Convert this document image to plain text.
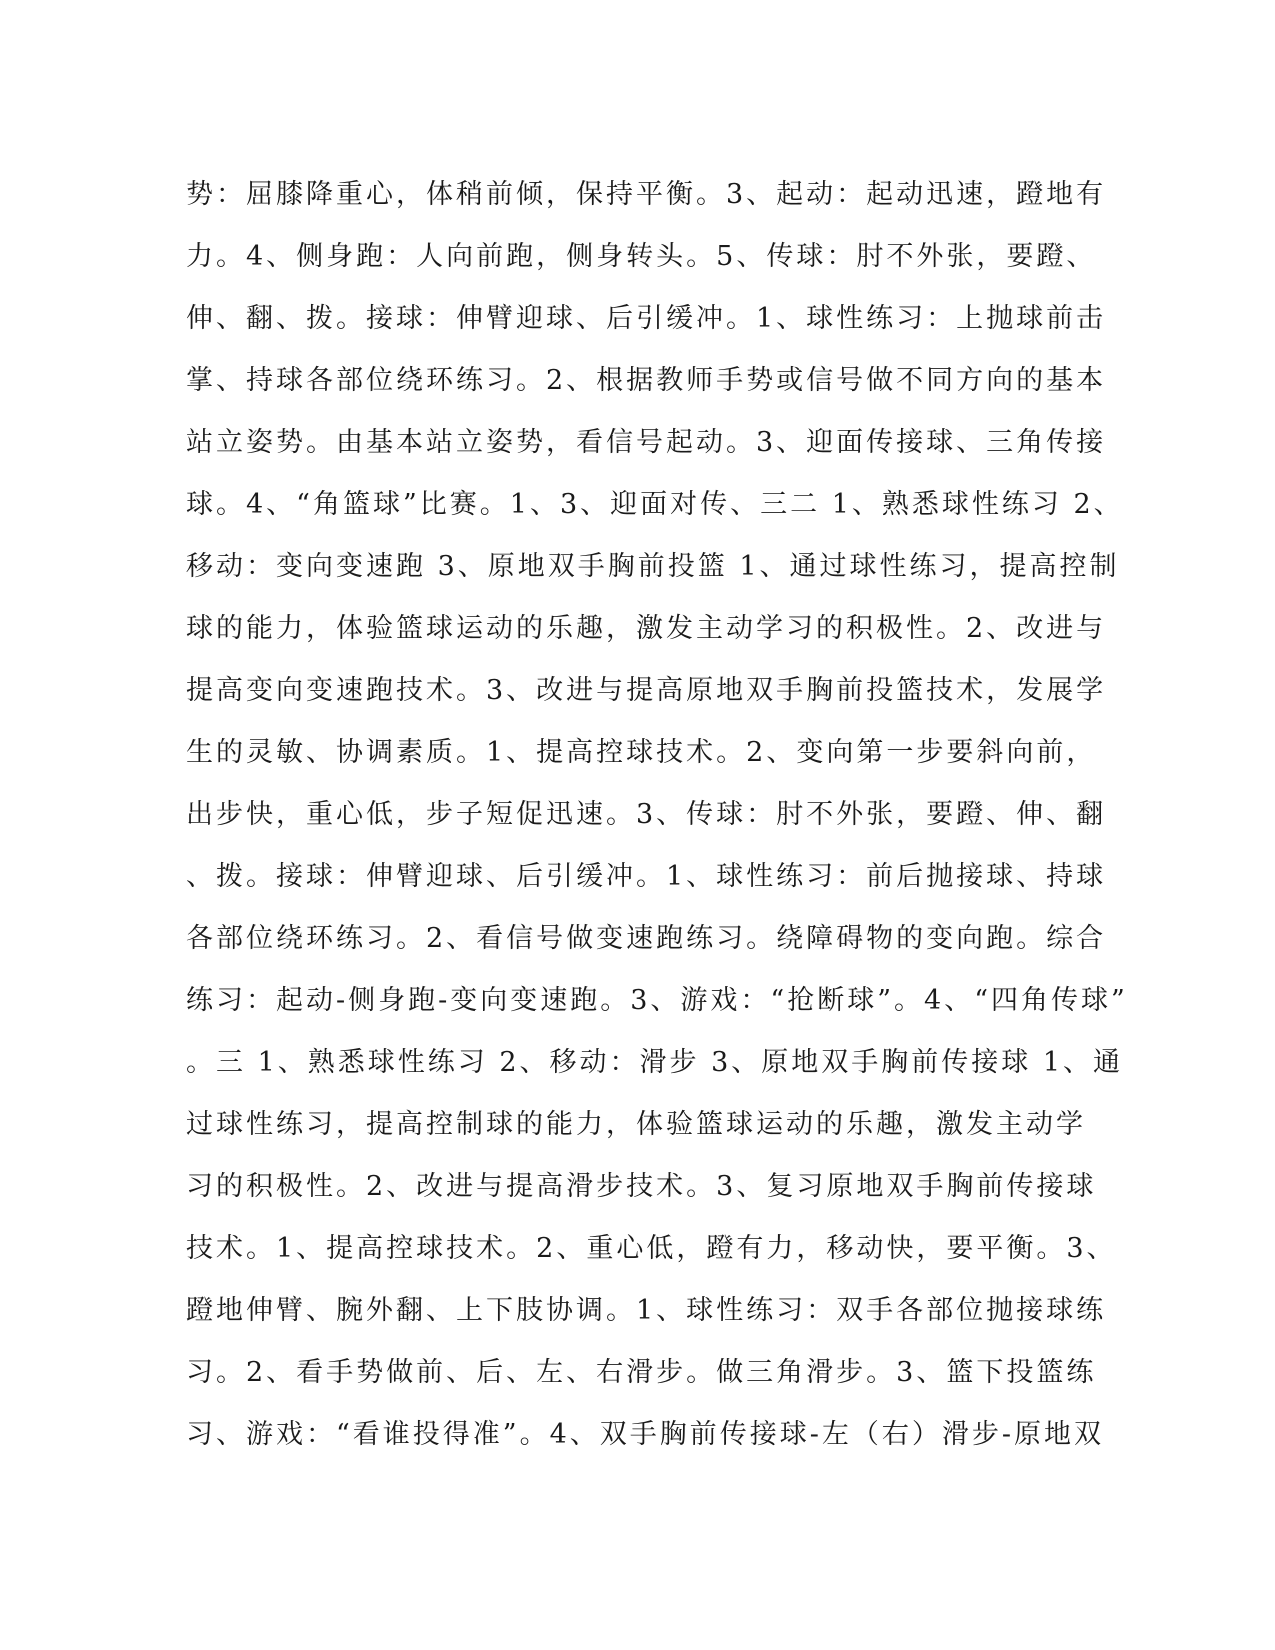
势：屈膝降重心，体稍前倾，保持平衡。3、起动：起动迅速，蹬地有
力。4、侧身跑：人向前跑，侧身转头。5、传球：肘不外张，要蹬、
伸、翻、拨。接球：伸臂迎球、后引缓冲。1、球性练习：上抛球前击
掌、持球各部位绕环练习。2、根据教师手势或信号做不同方向的基本
站立姿势。由基本站立姿势，看信号起动。3、迎面传接球、三角传接
球。4、“角篮球”比赛。1、3、迎面对传、三二 1、熟悉球性练习 2、
移动：变向变速跑 3、原地双手胸前投篮 1、通过球性练习，提高控制
球的能力，体验篮球运动的乐趣，激发主动学习的积极性。2、改进与
提高变向变速跑技术。3、改进与提高原地双手胸前投篮技术，发展学
生的灵敏、协调素质。1、提高控球技术。2、变向第一步要斜向前，
出步快，重心低，步子短促迅速。3、传球：肘不外张，要蹬、伸、翻
、拨。接球：伸臂迎球、后引缓冲。1、球性练习：前后抛接球、持球
各部位绕环练习。2、看信号做变速跑练习。绕障碍物的变向跑。综合
练习：起动-侧身跑-变向变速跑。3、游戏：“抢断球”。4、“四角传球”
。三 1、熟悉球性练习 2、移动：滑步 3、原地双手胸前传接球 1、通
过球性练习，提高控制球的能力，体验篮球运动的乐趣，激发主动学
习的积极性。2、改进与提高滑步技术。3、复习原地双手胸前传接球
技术。1、提高控球技术。2、重心低，蹬有力，移动快，要平衡。3、
蹬地伸臂、腕外翻、上下肢协调。1、球性练习：双手各部位抛接球练
习。2、看手势做前、后、左、右滑步。做三角滑步。3、篮下投篮练
习、游戏：“看谁投得准”。4、双手胸前传接球-左（右）滑步-原地双
